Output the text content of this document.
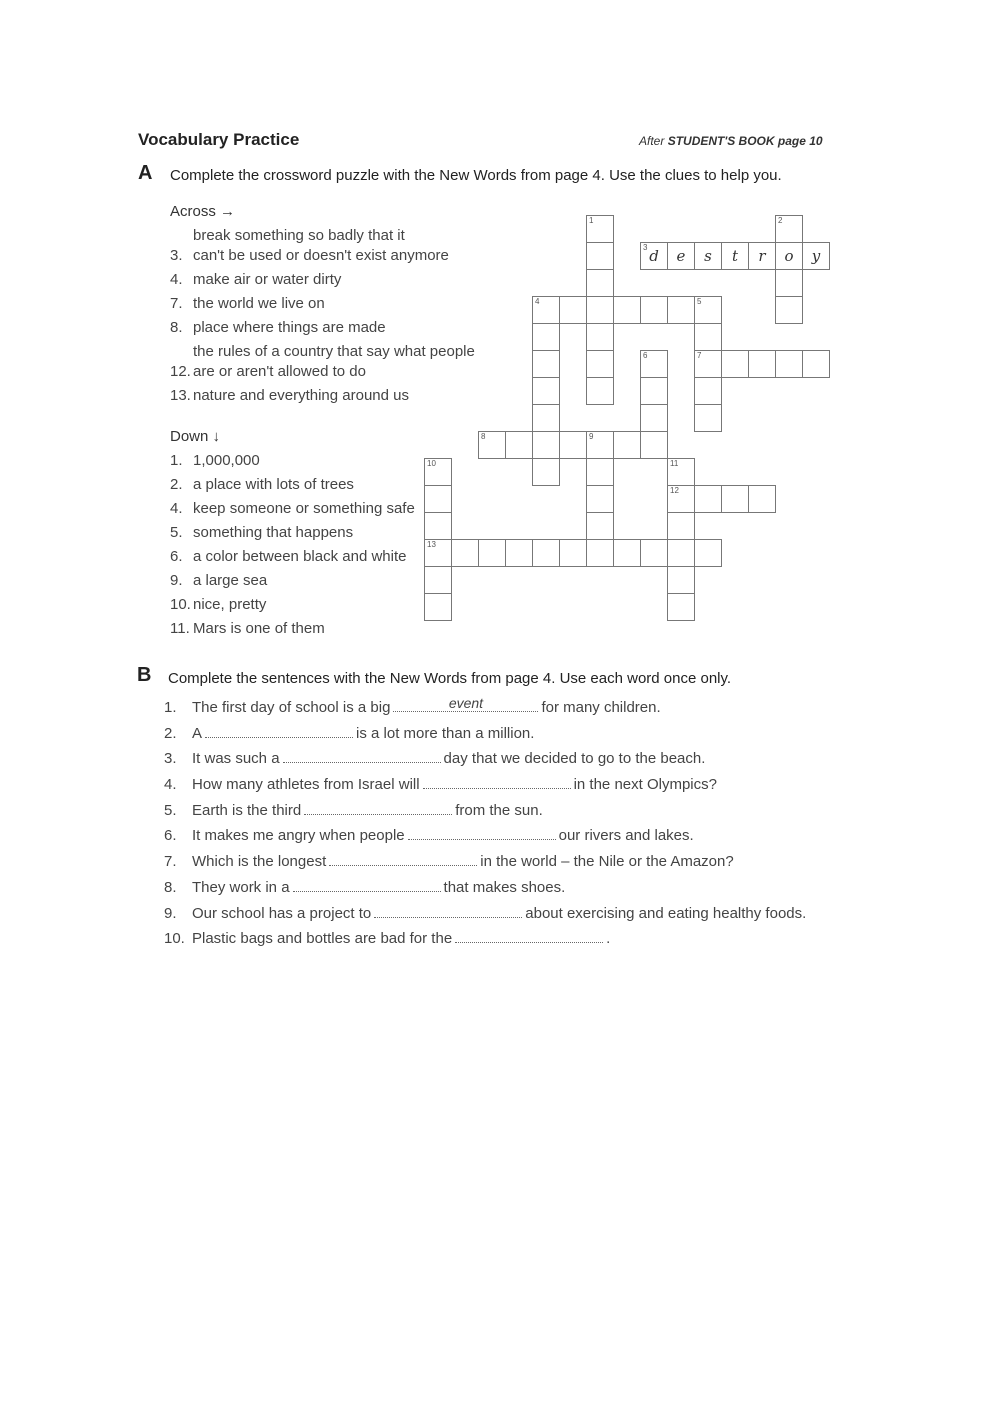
Vocabulary Practice	After STUDENT'S BOOK page 10
A Complete the crossword puzzle with the New Words from page 4. Use the clues to help you.
Across →
3.break something so badly that it
can't be used or doesn't exist anymore
4. make air or water dirty
7. the world we live on
8. place where things are made
12.the rules of a country that say what people
are or aren't allowed to do
13. nature and everything around us
Down ↓
1. 1,000,000
2. a place with lots of trees
4. keep someone or something safe
5. something that happens
6. a color between black and white
9. a large sea
10. nice, pretty
11. Mars is one of them
1	2
o
3 d	e	s	t	r	y
4	5
7
6
8	9
10
13
11
12
B Complete the sentences with the New Words from page 4. Use each word once only.
1. The first day of school is a big	event	for many children.
2. A	is a lot more than a million.
3. It was such a	day that we decided to go to the beach.
4. How many athletes from Israel will	in the next Olympics?
5. Earth is the third	from the sun.
6. It makes me angry when people	our rivers and lakes.
7. Which is the longest	in the world – the Nile or the Amazon?
8. They work in a	that makes shoes.
9. Our school has a project to	about exercising and eating healthy foods.
10. Plastic bags and bottles are bad for the	.
